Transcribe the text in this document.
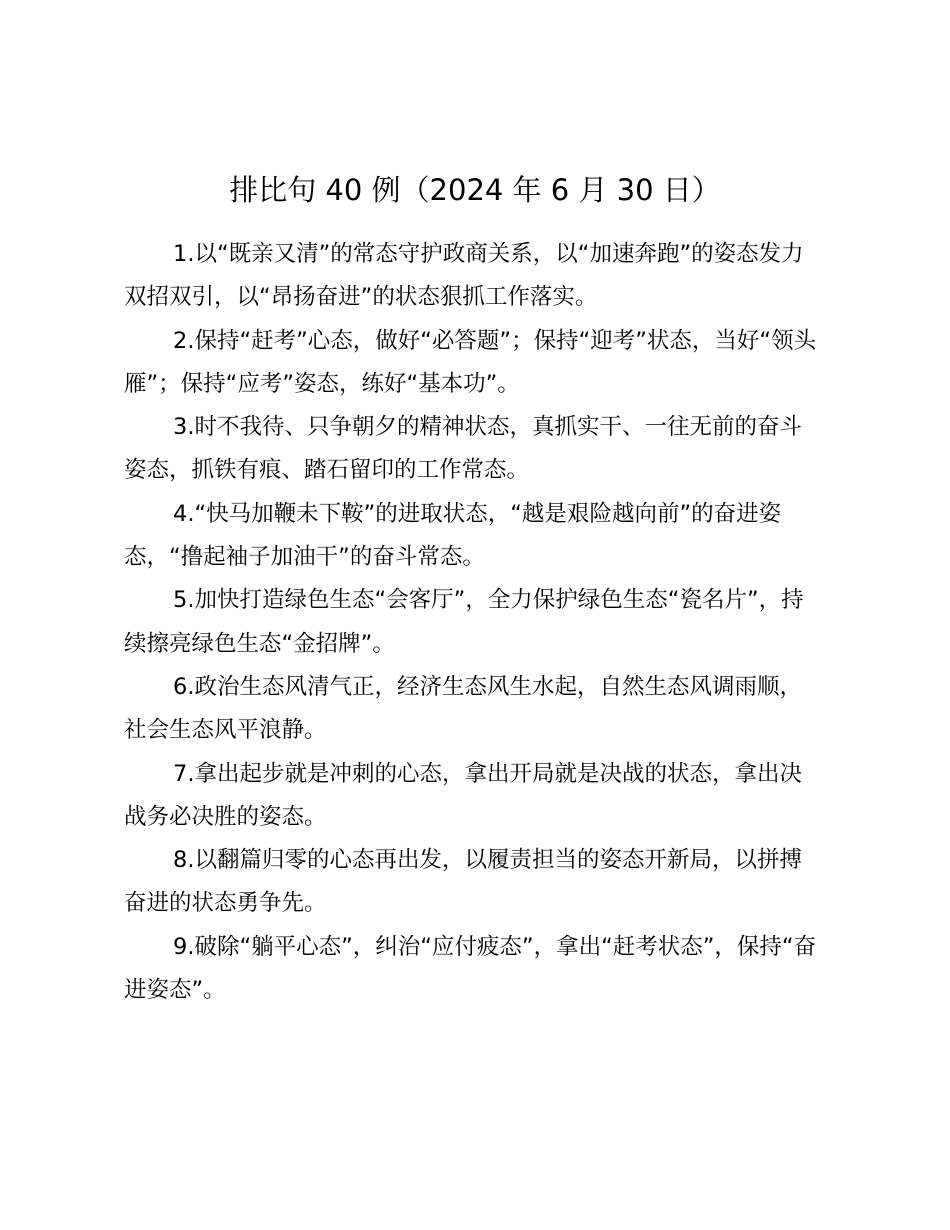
排比句 40 例（2024 年 6 月 30 日）

1.以“既亲又清”的常态守护政商关系，以“加速奔跑”的姿态发力双招双引，以“昂扬奋进”的状态狠抓工作落实。

2.保持“赶考”心态，做好“必答题”；保持“迎考”状态，当好“领头雁”；保持“应考”姿态，练好“基本功”。

3.时不我待、只争朝夕的精神状态，真抓实干、一往无前的奋斗姿态，抓铁有痕、踏石留印的工作常态。

4.“快马加鞭未下鞍”的进取状态，“越是艰险越向前”的奋进姿态，“撸起袖子加油干”的奋斗常态。

5.加快打造绿色生态“会客厅”，全力保护绿色生态“瓷名片”，持续擦亮绿色生态“金招牌”。

6.政治生态风清气正，经济生态风生水起，自然生态风调雨顺，社会生态风平浪静。

7.拿出起步就是冲刺的心态，拿出开局就是决战的状态，拿出决战务必决胜的姿态。

8.以翻篇归零的心态再出发，以履责担当的姿态开新局，以拼搏奋进的状态勇争先。

9.破除“躺平心态”，纠治“应付疲态”，拿出“赶考状态”，保持“奋进姿态”。
